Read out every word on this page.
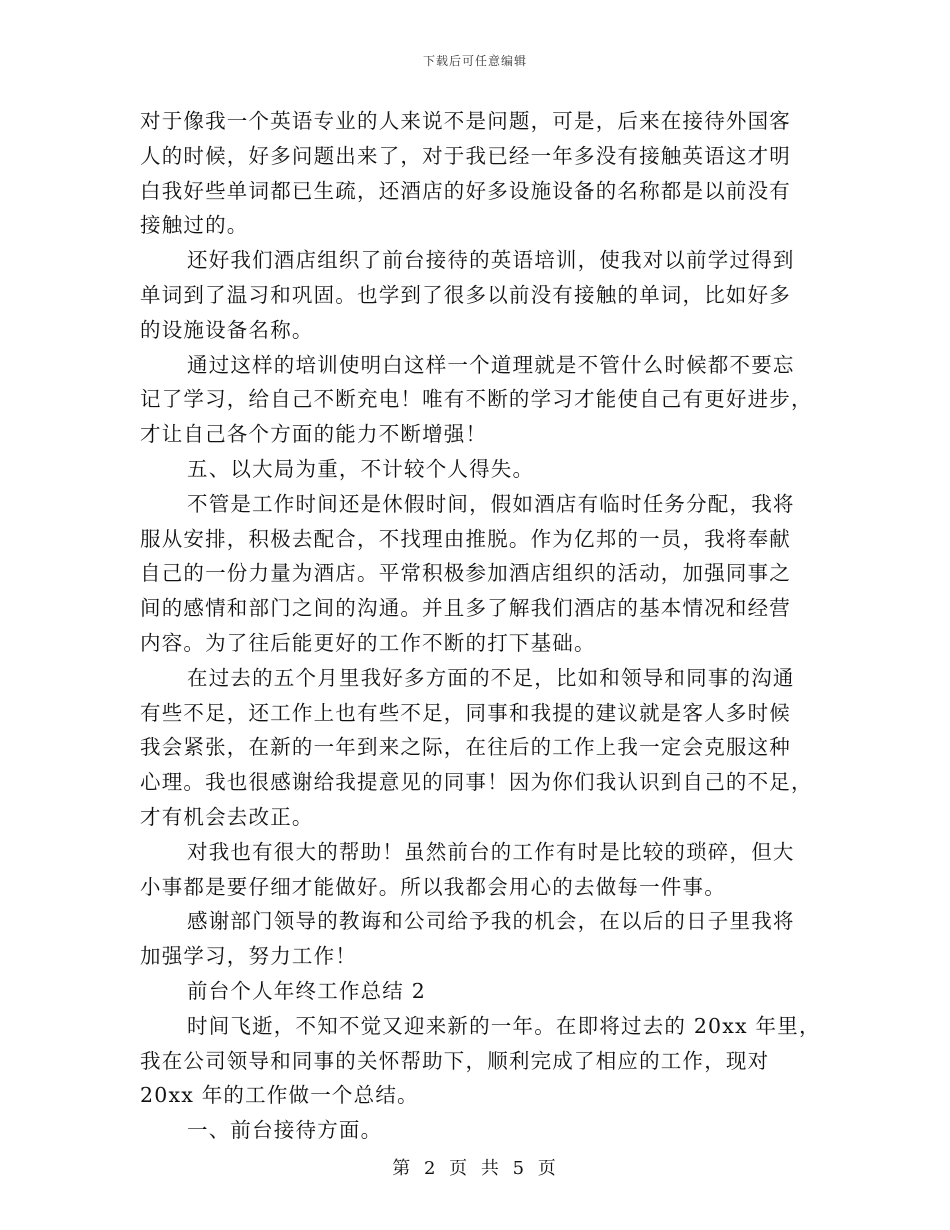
下载后可任意编辑
对于像我一个英语专业的人来说不是问题，可是，后来在接待外国客
人的时候，好多问题出来了，对于我已经一年多没有接触英语这才明
白我好些单词都已生疏，还酒店的好多设施设备的名称都是以前没有
接触过的。
还好我们酒店组织了前台接待的英语培训，使我对以前学过得到
单词到了温习和巩固。也学到了很多以前没有接触的单词，比如好多
的设施设备名称。
通过这样的培训使明白这样一个道理就是不管什么时候都不要忘
记了学习，给自己不断充电！唯有不断的学习才能使自己有更好进步，
才让自己各个方面的能力不断增强！
五、以大局为重，不计较个人得失。
不管是工作时间还是休假时间，假如酒店有临时任务分配，我将
服从安排，积极去配合，不找理由推脱。作为亿邦的一员，我将奉献
自己的一份力量为酒店。平常积极参加酒店组织的活动，加强同事之
间的感情和部门之间的沟通。并且多了解我们酒店的基本情况和经营
内容。为了往后能更好的工作不断的打下基础。
在过去的五个月里我好多方面的不足，比如和领导和同事的沟通
有些不足，还工作上也有些不足，同事和我提的建议就是客人多时候
我会紧张，在新的一年到来之际，在往后的工作上我一定会克服这种
心理。我也很感谢给我提意见的同事！因为你们我认识到自己的不足，
才有机会去改正。
对我也有很大的帮助！虽然前台的工作有时是比较的琐碎，但大
小事都是要仔细才能做好。所以我都会用心的去做每一件事。
感谢部门领导的教诲和公司给予我的机会，在以后的日子里我将
加强学习，努力工作！
前台个人年终工作总结 2
时间飞逝，不知不觉又迎来新的一年。在即将过去的 20xx 年里，
我在公司领导和同事的关怀帮助下，顺利完成了相应的工作，现对
20xx 年的工作做一个总结。
一、前台接待方面。
第 2 页 共 5 页
